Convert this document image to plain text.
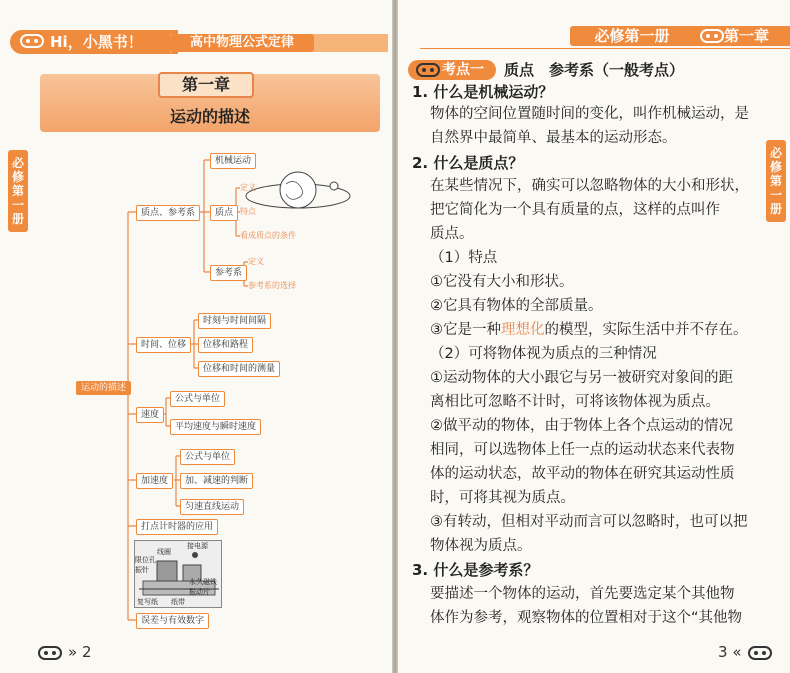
Hi，小黑书！	高中物理公式定律
第一章
运动的描述
必修第一册
运动的描述
质点、参考系
机械运动
质点
定义
特点
看成质点的条件
参考系
定义
参考系的选择
时间、位移
时刻与时间间隔
位移和路程
位移和时间的测量
速度
公式与单位
平均速度与瞬时速度
加速度
公式与单位
加、减速的判断
匀速直线运动
打点计时器的应用
线圈
接电源
限位孔
振针
永久磁铁
振动片
复写纸 纸带
误差与有效数字
» 2
必修第一册	第一章
必修第一册
考点一	质点　参考系（一般考点）
1. 什么是机械运动？
物体的空间位置随时间的变化，叫作机械运动，是
自然界中最简单、最基本的运动形态。
2. 什么是质点？
在某些情况下，确实可以忽略物体的大小和形状，
把它简化为一个具有质量的点，这样的点叫作
质点。
（1）特点
①它没有大小和形状。
②它具有物体的全部质量。
③它是一种理想化的模型，实际生活中并不存在。
（2）可将物体视为质点的三种情况
①运动物体的大小跟它与另一被研究对象间的距
离相比可忽略不计时，可将该物体视为质点。
②做平动的物体，由于物体上各个点运动的情况
相同，可以选物体上任一点的运动状态来代表物
体的运动状态，故平动的物体在研究其运动性质
时，可将其视为质点。
③有转动，但相对平动而言可以忽略时，也可以把
物体视为质点。
3. 什么是参考系？
要描述一个物体的运动，首先要选定某个其他物
体作为参考，观察物体的位置相对于这个“其他物
3 «
